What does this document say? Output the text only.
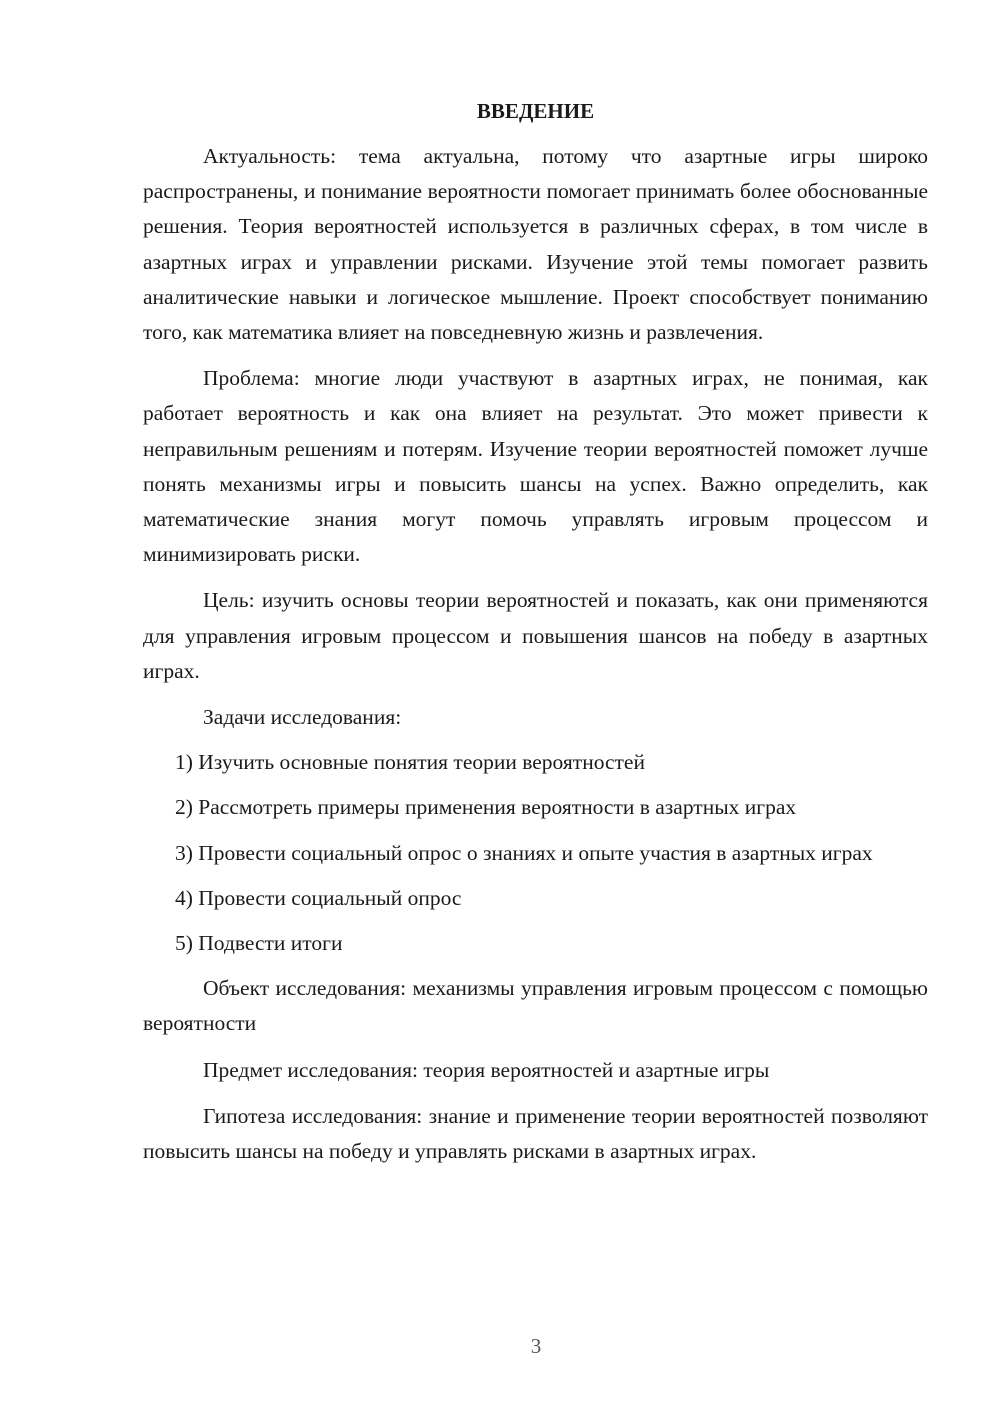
ВВЕДЕНИЕ

Актуальность: тема актуальна, потому что азартные игры широко распространены, и понимание вероятности помогает принимать более обоснованные решения. Теория вероятностей используется в различных сферах, в том числе в азартных играх и управлении рисками. Изучение этой темы помогает развить аналитические навыки и логическое мышление. Проект способствует пониманию того, как математика влияет на повседневную жизнь и развлечения.

Проблема: многие люди участвуют в азартных играх, не понимая, как работает вероятность и как она влияет на результат. Это может привести к неправильным решениям и потерям. Изучение теории вероятностей поможет лучше понять механизмы игры и повысить шансы на успех. Важно определить, как математические знания могут помочь управлять игровым процессом и минимизировать риски.

Цель: изучить основы теории вероятностей и показать, как они применяются для управления игровым процессом и повышения шансов на победу в азартных играх.

Задачи исследования:

1) Изучить основные понятия теории вероятностей

2) Рассмотреть примеры применения вероятности в азартных играх

3) Провести социальный опрос о знаниях и опыте участия в азартных играх

4) Провести социальный опрос

5) Подвести итоги

Объект исследования: механизмы управления игровым процессом с помощью вероятности

Предмет исследования: теория вероятностей и азартные игры

Гипотеза исследования: знание и применение теории вероятностей позволяют повысить шансы на победу и управлять рисками в азартных играх.

3
